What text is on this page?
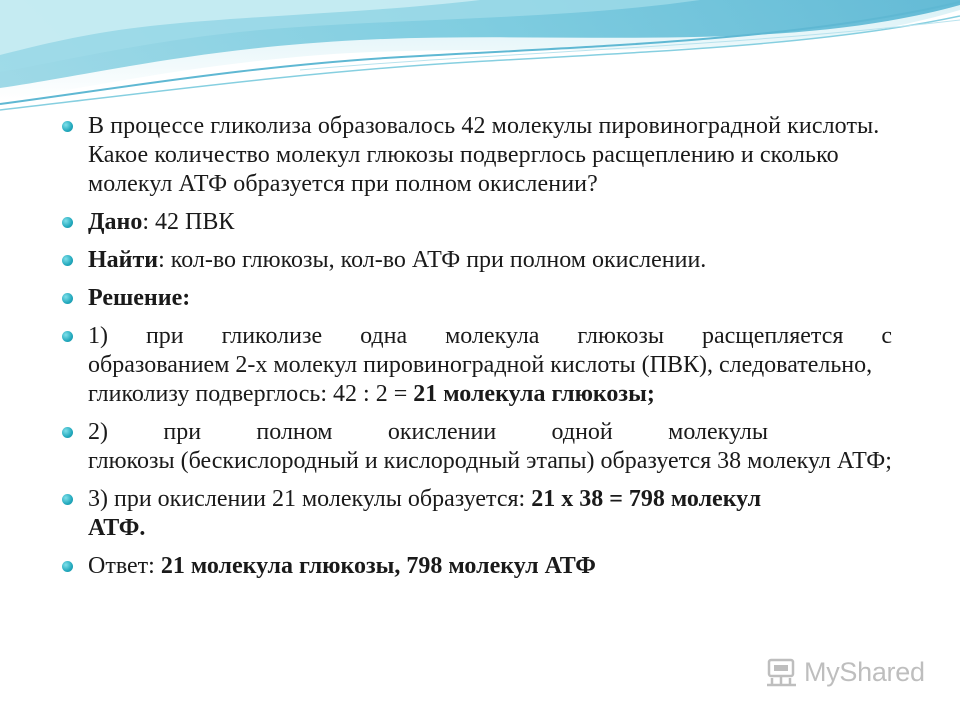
В процессе гликолиза образовалось 42 молекулы пировиноградной кислоты. Какое количество молекул глюкозы подверглось расщеплению и сколько молекул АТФ образуется при полном окислении?
Дано: 42 ПВК
Найти: кол-во глюкозы, кол-во АТФ при полном окислении.
Решение:
1) при гликолизе одна молекула глюкозы расщепляется с
образованием 2-х молекул пировиноградной кислоты (ПВК), следовательно, гликолизу подверглось: 42 : 2 = 21 молекула глюкозы;
2) при полном окислении одной молекулы
глюкозы (бескислородный и кислородный этапы) образуется 38 молекул АТФ;
3) при окислении 21 молекулы образуется: 21 х 38 = 798 молекул АТФ.
Ответ: 21 молекула глюкозы, 798 молекул АТФ
MyShared
